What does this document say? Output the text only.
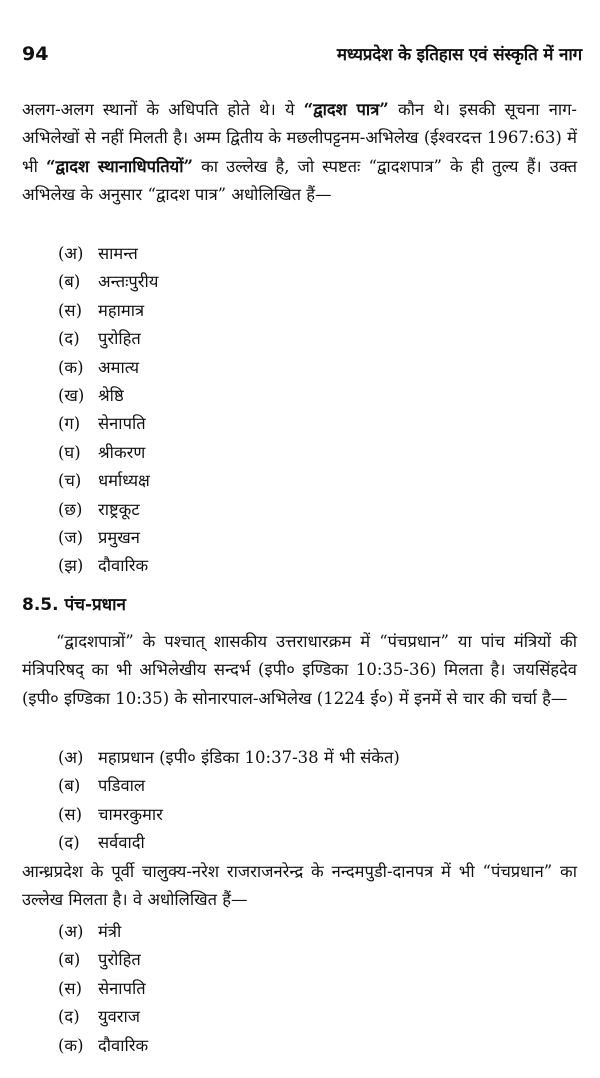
94	मध्यप्रदेश के इतिहास एवं संस्कृति में नाग
अलग-अलग स्थानों के अधिपति होते थे। ये “द्वादश पात्र” कौन थे। इसकी सूचना नाग-अभिलेखों से नहीं मिलती है। अम्म द्वितीय के मछलीपट्टनम-अभिलेख (ईश्वरदत्त 1967:63) में भी “द्वादश स्थानाधिपतियों” का उल्लेख है, जो स्पष्टतः “द्वादशपात्र” के ही तुल्य हैं। उक्त अभिलेख के अनुसार “द्वादश पात्र” अधोलिखित हैं—
(अ) सामन्त
(ब) अन्तःपुरीय
(स) महामात्र
(द) पुरोहित
(क) अमात्य
(ख) श्रेष्ठि
(ग) सेनापति
(घ) श्रीकरण
(च) धर्माध्यक्ष
(छ) राष्ट्रकूट
(ज) प्रमुखन
(झ) दौवारिक
8.5. पंच-प्रधान
“द्वादशपात्रों” के पश्चात् शासकीय उत्तराधारक्रम में “पंचप्रधान” या पांच मंत्रियों की मंत्रिपरिषद् का भी अभिलेखीय सन्दर्भ (इपी० इण्डिका 10:35-36) मिलता है। जयसिंहदेव (इपी० इण्डिका 10:35) के सोनारपाल-अभिलेख (1224 ई०) में इनमें से चार की चर्चा है—
(अ) महाप्रधान (इपी० इंडिका 10:37-38 में भी संकेत)
(ब) पडिवाल
(स) चामरकुमार
(द) सर्ववादी
आन्ध्रप्रदेश के पूर्वी चालुक्य-नरेश राजराजनरेन्द्र के नन्दमपुडी-दानपत्र में भी “पंचप्रधान” का उल्लेख मिलता है। वे अधोलिखित हैं—
(अ) मंत्री
(ब) पुरोहित
(स) सेनापति
(द) युवराज
(क) दौवारिक
